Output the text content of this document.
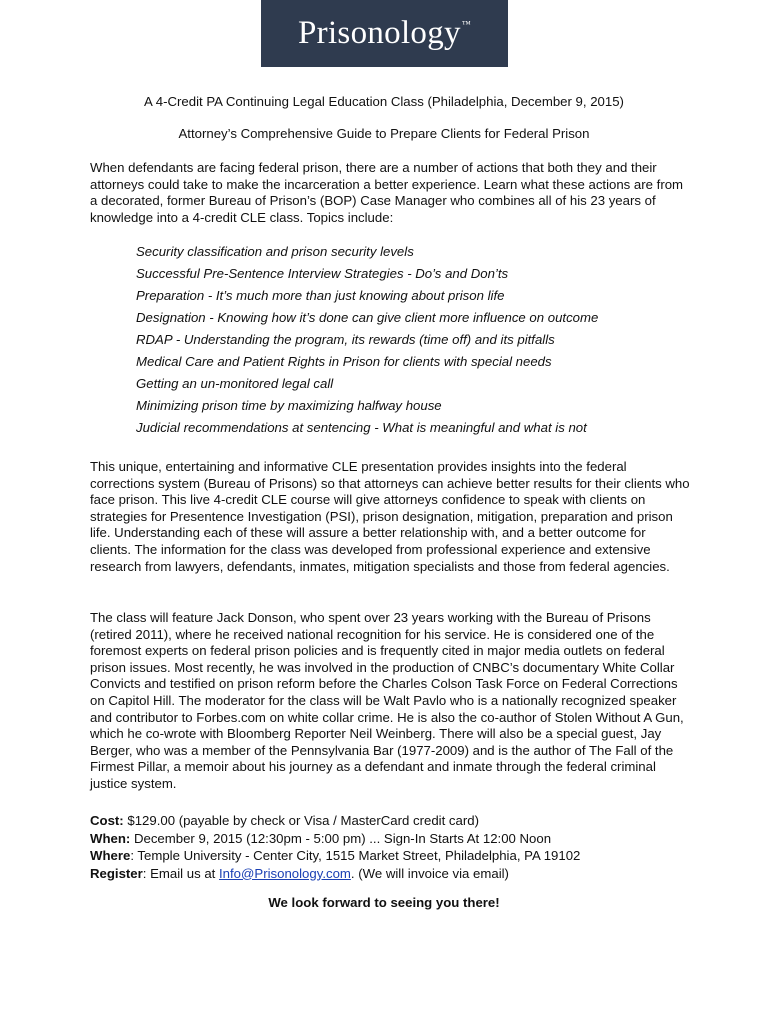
Prisonology ™

A 4-Credit PA Continuing Legal Education Class (Philadelphia, December 9, 2015)

Attorney’s Comprehensive Guide to Prepare Clients for Federal Prison

When defendants are facing federal prison, there are a number of actions that both they and their attorneys could take to make the incarceration a better experience. Learn what these actions are from a decorated, former Bureau of Prison’s (BOP) Case Manager who combines all of his 23 years of knowledge into a 4-credit CLE class. Topics include:

Security classification and prison security levels
Successful Pre-Sentence Interview Strategies - Do’s and Don’ts
Preparation - It’s much more than just knowing about prison life
Designation - Knowing how it’s done can give client more influence on outcome
RDAP - Understanding the program, its rewards (time off) and its pitfalls
Medical Care and Patient Rights in Prison for clients with special needs
Getting an un-monitored legal call
Minimizing prison time by maximizing halfway house
Judicial recommendations at sentencing - What is meaningful and what is not

This unique, entertaining and informative CLE presentation provides insights into the federal corrections system (Bureau of Prisons) so that attorneys can achieve better results for their clients who face prison. This live 4-credit CLE course will give attorneys confidence to speak with clients on strategies for Presentence Investigation (PSI), prison designation, mitigation, preparation and prison life. Understanding each of these will assure a better relationship with, and a better outcome for clients. The information for the class was developed from professional experience and extensive research from lawyers, defendants, inmates, mitigation specialists and those from federal agencies.

The class will feature Jack Donson, who spent over 23 years working with the Bureau of Prisons (retired 2011), where he received national recognition for his service. He is considered one of the foremost experts on federal prison policies and is frequently cited in major media outlets on federal prison issues. Most recently, he was involved in the production of CNBC’s documentary White Collar Convicts and testified on prison reform before the Charles Colson Task Force on Federal Corrections on Capitol Hill. The moderator for the class will be Walt Pavlo who is a nationally recognized speaker and contributor to Forbes.com on white collar crime. He is also the co-author of Stolen Without A Gun, which he co-wrote with Bloomberg Reporter Neil Weinberg. There will also be a special guest, Jay Berger, who was a member of the Pennsylvania Bar (1977-2009) and is the author of The Fall of the Firmest Pillar, a memoir about his journey as a defendant and inmate through the federal criminal justice system.

Cost: $129.00 (payable by check or Visa / MasterCard credit card)
When: December 9, 2015 (12:30pm - 5:00 pm) ... Sign-In Starts At 12:00 Noon
Where: Temple University - Center City, 1515 Market Street, Philadelphia, PA 19102
Register: Email us at Info@Prisonology.com. (We will invoice via email)

We look forward to seeing you there!
